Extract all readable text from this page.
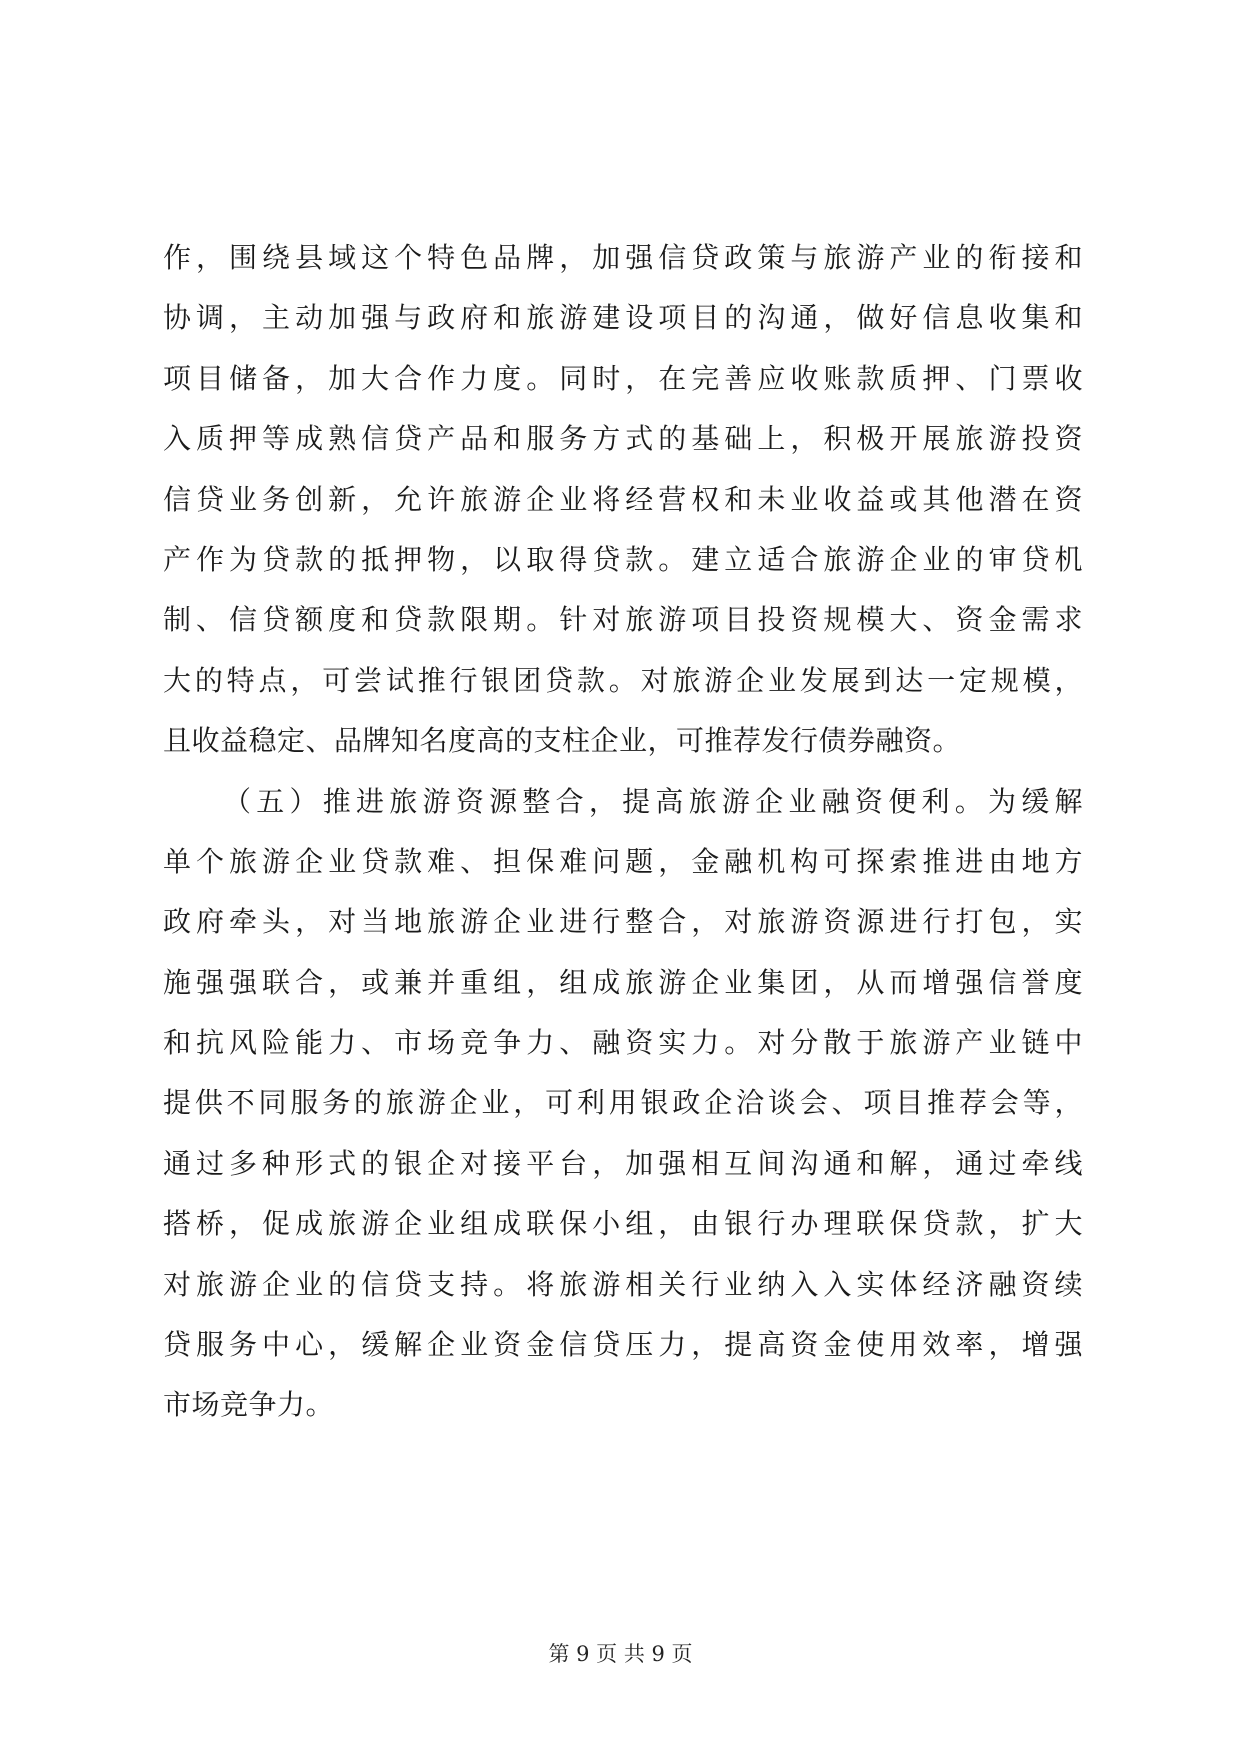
作，围绕县域这个特色品牌，加强信贷政策与旅游产业的衔接和
协调，主动加强与政府和旅游建设项目的沟通，做好信息收集和
项目储备，加大合作力度。同时，在完善应收账款质押、门票收
入质押等成熟信贷产品和服务方式的基础上，积极开展旅游投资
信贷业务创新，允许旅游企业将经营权和未业收益或其他潜在资
产作为贷款的抵押物，以取得贷款。建立适合旅游企业的审贷机
制、信贷额度和贷款限期。针对旅游项目投资规模大、资金需求
大的特点，可尝试推行银团贷款。对旅游企业发展到达一定规模，
且收益稳定、品牌知名度高的支柱企业，可推荐发行债券融资。
（五）推进旅游资源整合，提高旅游企业融资便利。为缓解
单个旅游企业贷款难、担保难问题，金融机构可探索推进由地方
政府牵头，对当地旅游企业进行整合，对旅游资源进行打包，实
施强强联合，或兼并重组，组成旅游企业集团，从而增强信誉度
和抗风险能力、市场竞争力、融资实力。对分散于旅游产业链中
提供不同服务的旅游企业，可利用银政企洽谈会、项目推荐会等，
通过多种形式的银企对接平台，加强相互间沟通和解，通过牵线
搭桥，促成旅游企业组成联保小组，由银行办理联保贷款，扩大
对旅游企业的信贷支持。将旅游相关行业纳入入实体经济融资续
贷服务中心，缓解企业资金信贷压力，提高资金使用效率，增强
市场竞争力。
第 9 页 共 9 页
